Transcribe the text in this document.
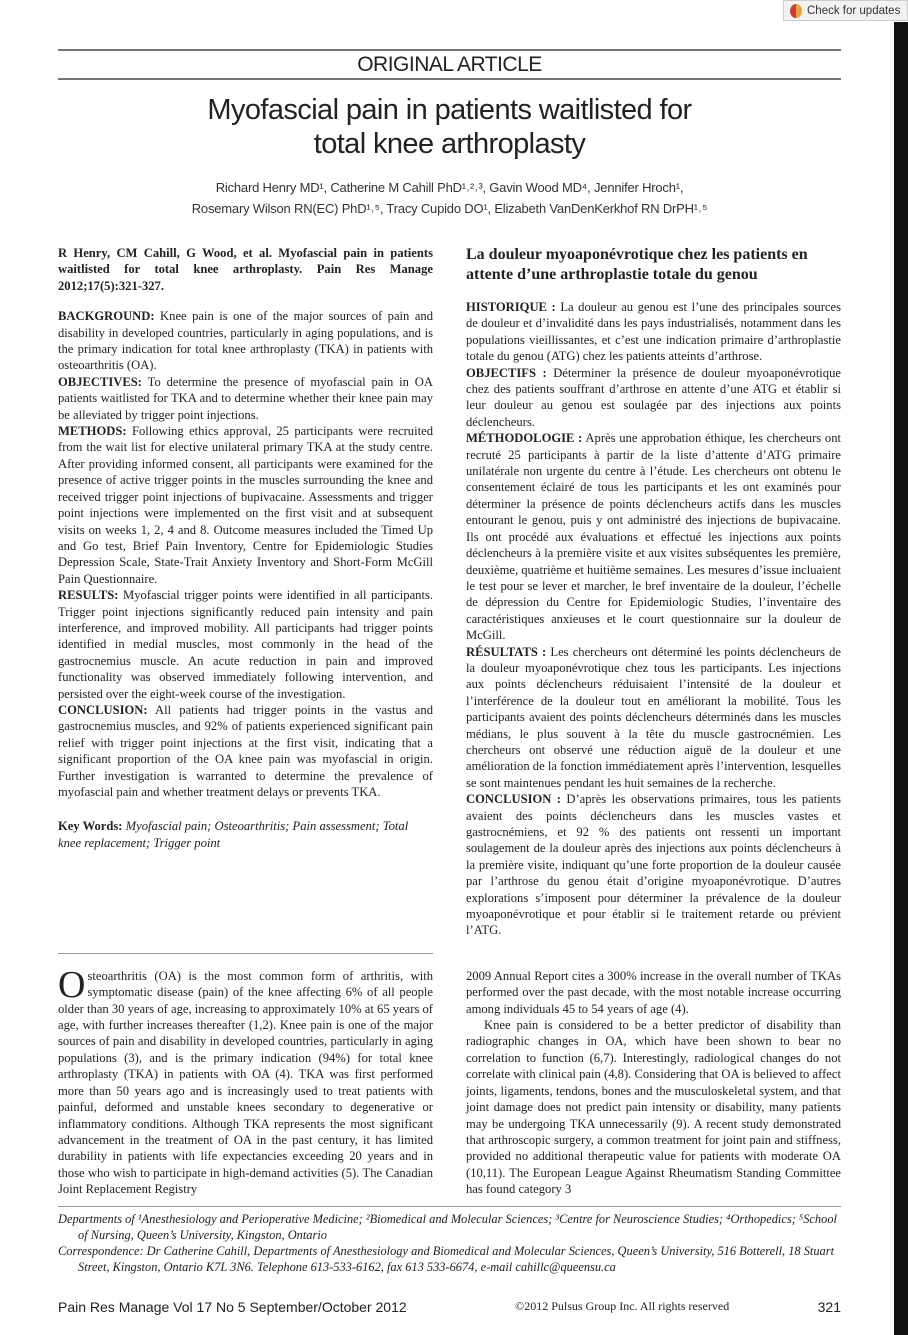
Check for updates
ORIGINAL ARTICLE
Myofascial pain in patients waitlisted for
total knee arthroplasty
Richard Henry MD¹, Catherine M Cahill PhD¹˒²˒³, Gavin Wood MD⁴, Jennifer Hroch¹,
Rosemary Wilson RN(EC) PhD¹˒⁵, Tracy Cupido DO¹, Elizabeth VanDenKerkhof RN DrPH¹˒⁵
R Henry, CM Cahill, G Wood, et al. Myofascial pain in patients waitlisted for total knee arthroplasty. Pain Res Manage 2012;17(5):321-327.

BACKGROUND: Knee pain is one of the major sources of pain and disability in developed countries, particularly in aging populations, and is the primary indication for total knee arthroplasty (TKA) in patients with osteoarthritis (OA).

OBJECTIVES: To determine the presence of myofascial pain in OA patients waitlisted for TKA and to determine whether their knee pain may be alleviated by trigger point injections.

METHODS: Following ethics approval, 25 participants were recruited from the wait list for elective unilateral primary TKA at the study centre. After providing informed consent, all participants were examined for the presence of active trigger points in the muscles surrounding the knee and received trigger point injections of bupivacaine. Assessments and trigger point injections were implemented on the first visit and at subsequent visits on weeks 1, 2, 4 and 8. Outcome measures included the Timed Up and Go test, Brief Pain Inventory, Centre for Epidemiologic Studies Depression Scale, State-Trait Anxiety Inventory and Short-Form McGill Pain Questionnaire.

RESULTS: Myofascial trigger points were identified in all participants. Trigger point injections significantly reduced pain intensity and pain interference, and improved mobility. All participants had trigger points identified in medial muscles, most commonly in the head of the gastrocnemius muscle. An acute reduction in pain and improved functionality was observed immediately following intervention, and persisted over the eight-week course of the investigation.

CONCLUSION: All patients had trigger points in the vastus and gastrocnemius muscles, and 92% of patients experienced significant pain relief with trigger point injections at the first visit, indicating that a significant proportion of the OA knee pain was myofascial in origin. Further investigation is warranted to determine the prevalence of myofascial pain and whether treatment delays or prevents TKA.

Key Words: Myofascial pain; Osteoarthritis; Pain assessment; Total knee replacement; Trigger point
La douleur myoaponévrotique chez les patients en attente d’une arthroplastie totale du genou

HISTORIQUE : La douleur au genou est l’une des principales sources de douleur et d’invalidité dans les pays industrialisés, notamment dans les populations vieillissantes, et c’est une indication primaire d’arthroplastie totale du genou (ATG) chez les patients atteints d’arthrose.

OBJECTIFS : Déterminer la présence de douleur myoaponévrotique chez des patients souffrant d’arthrose en attente d’une ATG et établir si leur douleur au genou est soulagée par des injections aux points déclencheurs.

MÉTHODOLOGIE : Après une approbation éthique, les chercheurs ont recruté 25 participants à partir de la liste d’attente d’ATG primaire unilatérale non urgente du centre à l’étude. Les chercheurs ont obtenu le consentement éclairé de tous les participants et les ont examinés pour déterminer la présence de points déclencheurs actifs dans les muscles entourant le genou, puis y ont administré des injections de bupivacaine. Ils ont procédé aux évaluations et effectué les injections aux points déclencheurs à la première visite et aux visites subséquentes les première, deuxième, quatrième et huitième semaines. Les mesures d’issue incluaient le test pour se lever et marcher, le bref inventaire de la douleur, l’échelle de dépression du Centre for Epidemiologic Studies, l’inventaire des caractéristiques anxieuses et le court questionnaire sur la douleur de McGill.

RÉSULTATS : Les chercheurs ont déterminé les points déclencheurs de la douleur myoaponévrotique chez tous les participants. Les injections aux points déclencheurs réduisaient l’intensité de la douleur et l’interférence de la douleur tout en améliorant la mobilité. Tous les participants avaient des points déclencheurs déterminés dans les muscles médians, le plus souvent à la tête du muscle gastrocnémien. Les chercheurs ont observé une réduction aiguë de la douleur et une amélioration de la fonction immédiatement après l’intervention, lesquelles se sont maintenues pendant les huit semaines de la recherche.

CONCLUSION : D’après les observations primaires, tous les patients avaient des points déclencheurs dans les muscles vastes et gastrocnémiens, et 92 % des patients ont ressenti un important soulagement de la douleur après des injections aux points déclencheurs à la première visite, indiquant qu’une forte proportion de la douleur causée par l’arthrose du genou était d’origine myoaponévrotique. D’autres explorations s’imposent pour déterminer la prévalence de la douleur myoaponévrotique et pour établir si le traitement retarde ou prévient l’ATG.

Osteoarthritis (OA) is the most common form of arthritis, with symptomatic disease (pain) of the knee affecting 6% of all people older than 30 years of age, increasing to approximately 10% at 65 years of age, with further increases thereafter (1,2). Knee pain is one of the major sources of pain and disability in developed countries, particularly in aging populations (3), and is the primary indication (94%) for total knee arthroplasty (TKA) in patients with OA (4). TKA was first performed more than 50 years ago and is increasingly used to treat patients with painful, deformed and unstable knees secondary to degenerative or inflammatory conditions. Although TKA represents the most significant advancement in the treatment of OA in the past century, it has limited durability in patients with life expectancies exceeding 20 years and in those who wish to participate in high-demand activities (5). The Canadian Joint Replacement Registry

2009 Annual Report cites a 300% increase in the overall number of TKAs performed over the past decade, with the most notable increase occurring among individuals 45 to 54 years of age (4).

Knee pain is considered to be a better predictor of disability than radiographic changes in OA, which have been shown to bear no correlation to function (6,7). Interestingly, radiological changes do not correlate with clinical pain (4,8). Considering that OA is believed to affect joints, ligaments, tendons, bones and the musculoskeletal system, and that joint damage does not predict pain intensity or disability, many patients may be undergoing TKA unnecessarily (9). A recent study demonstrated that arthroscopic surgery, a common treatment for joint pain and stiffness, provided no additional therapeutic value for patients with moderate OA (10,11). The European League Against Rheumatism Standing Committee has found category 3

Departments of ¹Anesthesiology and Perioperative Medicine; ²Biomedical and Molecular Sciences; ³Centre for Neuroscience Studies; ⁴Orthopedics; ⁵School of Nursing, Queen’s University, Kingston, Ontario

Correspondence: Dr Catherine Cahill, Departments of Anesthesiology and Biomedical and Molecular Sciences, Queen’s University, 516 Botterell, 18 Stuart Street, Kingston, Ontario K7L 3N6. Telephone 613-533-6162, fax 613 533-6674, e-mail cahillc@queensu.ca

Pain Res Manage Vol 17 No 5 September/October 2012	©2012 Pulsus Group Inc. All rights reserved	321
